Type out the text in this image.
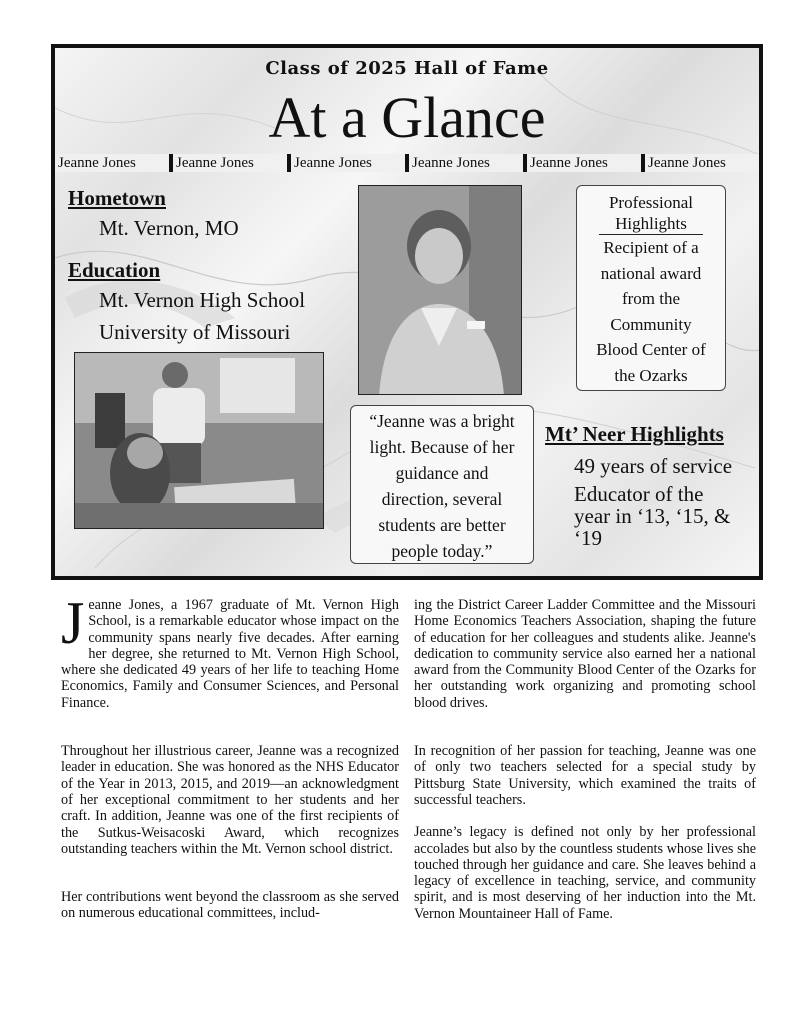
Class of 2025 Hall of Fame
At a Glance
Jeanne Jones	Jeanne Jones	Jeanne Jones	Jeanne Jones	Jeanne Jones	Jeanne Jones
Hometown
Mt. Vernon, MO
Education
Mt. Vernon High School
University of Missouri
Professional
Highlights
Recipient of a
national award
from the
Community
Blood Center of
the Ozarks
“Jeanne was a bright
light. Because of her
guidance and
direction, several
students are better
people today.”
Mt’ Neer Highlights
49 years of service
Educator of the
year in ‘13, ‘15, &
‘19

Jeanne Jones, a 1967 graduate of Mt. Vernon High School, is a remarkable educator whose impact on the community spans nearly five decades. After earning her degree, she returned to Mt. Vernon High School, where she dedicated 49 years of her life to teaching Home Economics, Family and Consumer Sciences, and Personal Finance.

Throughout her illustrious career, Jeanne was a recognized leader in education. She was honored as the NHS Educator of the Year in 2013, 2015, and 2019—an acknowledgment of her exceptional commitment to her students and her craft. In addition, Jeanne was one of the first recipients of the Sutkus-Weisacoski Award, which recognizes outstanding teachers within the Mt. Vernon school district.

Her contributions went beyond the classroom as she served on numerous educational committees, includ-

ing the District Career Ladder Committee and the Missouri Home Economics Teachers Association, shaping the future of education for her colleagues and students alike. Jeanne's dedication to community service also earned her a national award from the Community Blood Center of the Ozarks for her outstanding work organizing and promoting school blood drives.

In recognition of her passion for teaching, Jeanne was one of only two teachers selected for a special study by Pittsburg State University, which examined the traits of successful teachers.

Jeanne’s legacy is defined not only by her professional accolades but also by the countless students whose lives she touched through her guidance and care. She leaves behind a legacy of excellence in teaching, service, and community spirit, and is most deserving of her induction into the Mt. Vernon Mountaineer Hall of Fame.
